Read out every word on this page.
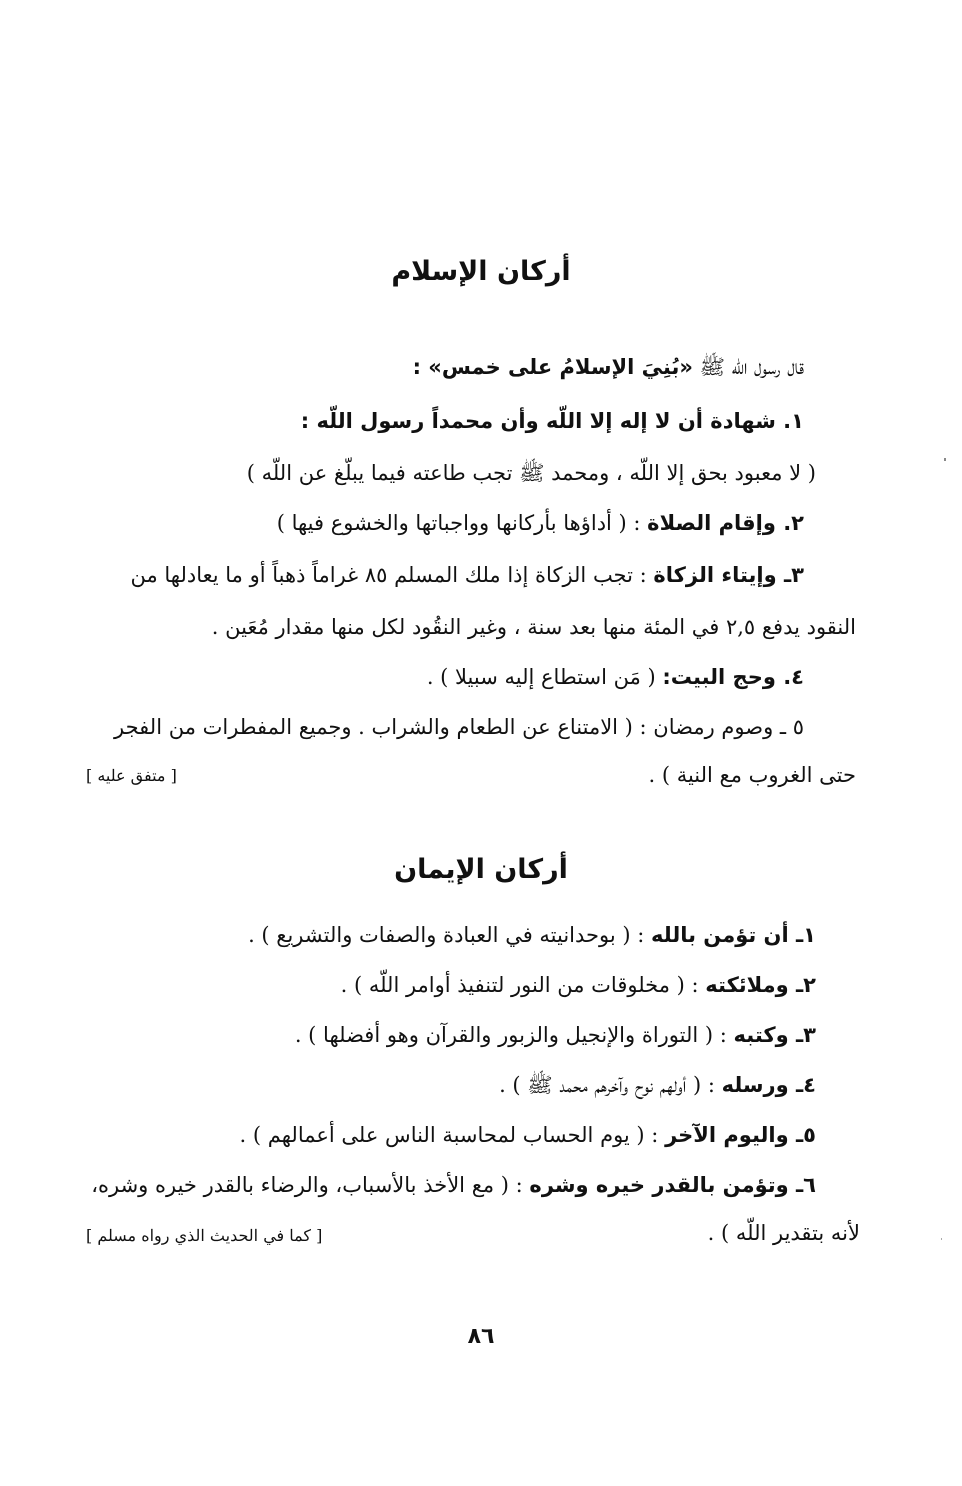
أركان الإسلام
قال رسول اللّه ﷺ «بُنِيَ الإسلامُ على خمس» :
١. شهادة أن لا إله إلا اللّه وأن محمداً رسول اللّه :
( لا معبود بحق إلا اللّه ، ومحمد ﷺ تجب طاعته فيما يبلّغ عن اللّه )
٢. وإقام الصلاة : ( أداؤها بأركانها وواجباتها والخشوع فيها )
٣ـ وإيتاء الزكاة : تجب الزكاة إذا ملك المسلم ٨٥ غراماً ذهباً أو ما يعادلها من
النقود يدفع ٢,٥ في المئة منها بعد سنة ، وغير النقُود لكل منها مقدار مُعَين .
٤. وحج البيت: ( مَن استطاع إليه سبيلا ) .
٥ ـ وصوم رمضان : ( الامتناع عن الطعام والشراب . وجميع المفطرات من الفجر
حتى الغروب مع النية ) .
[ متفق عليه ]
أركان الإيمان
١ـ أن تؤمن بالله : ( بوحدانيته في العبادة والصفات والتشريع ) .
٢ـ وملائكته : ( مخلوقات من النور لتنفيذ أوامر اللّه ) .
٣ـ وكتبه : ( التوراة والإنجيل والزبور والقرآن وهو أفضلها ) .
٤ـ ورسله : ( أولهم نوح وآخرهم محمد ﷺ ) .
٥ـ واليوم الآخر : ( يوم الحساب لمحاسبة الناس على أعمالهم ) .
٦ـ وتؤمن بالقدر خيره وشره : ( مع الأخذ بالأسباب، والرضاء بالقدر خيره وشره،
لأنه بتقدير اللّه ) .
[ كما في الحديث الذي رواه مسلم ]
٨٦
